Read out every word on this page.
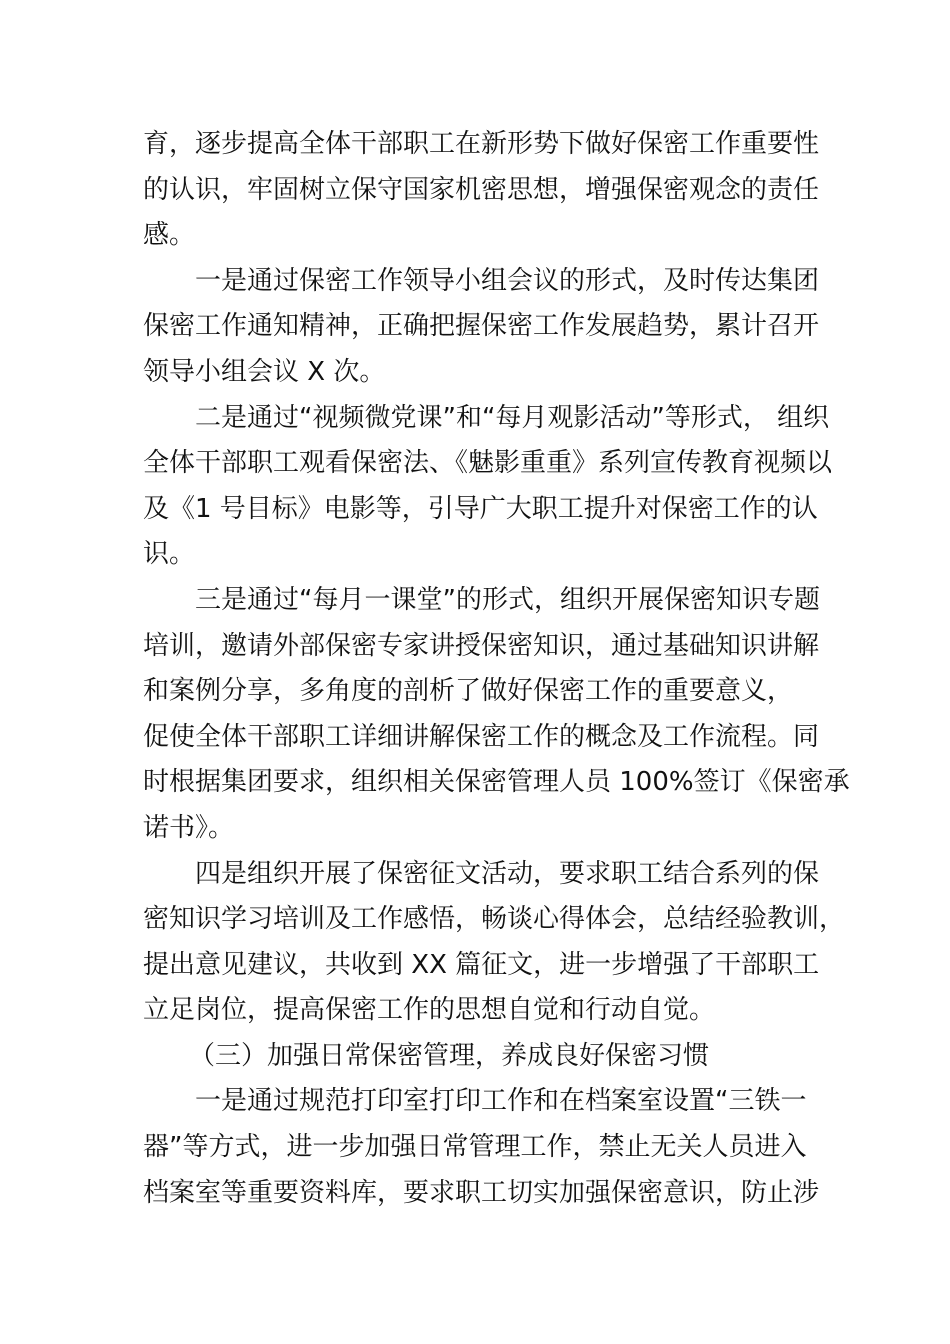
育，逐步提高全体干部职工在新形势下做好保密工作重要性
的认识，牢固树立保守国家机密思想，增强保密观念的责任
感。
一是通过保密工作领导小组会议的形式，及时传达集团
保密工作通知精神，正确把握保密工作发展趋势，累计召开
领导小组会议 X 次。
二是通过“视频微党课”和“每月观影活动”等形式， 组织
全体干部职工观看保密法、《魅影重重》系列宣传教育视频以
及《1 号目标》电影等，引导广大职工提升对保密工作的认
识。
三是通过“每月一课堂”的形式，组织开展保密知识专题
培训，邀请外部保密专家讲授保密知识，通过基础知识讲解
和案例分享，多角度的剖析了做好保密工作的重要意义，
促使全体干部职工详细讲解保密工作的概念及工作流程。同
时根据集团要求，组织相关保密管理人员 100%签订《保密承
诺书》。
四是组织开展了保密征文活动，要求职工结合系列的保
密知识学习培训及工作感悟，畅谈心得体会，总结经验教训，
提出意见建议，共收到 XX 篇征文，进一步增强了干部职工
立足岗位，提高保密工作的思想自觉和行动自觉。
（三）加强日常保密管理，养成良好保密习惯
一是通过规范打印室打印工作和在档案室设置“三铁一
器”等方式，进一步加强日常管理工作，禁止无关人员进入
档案室等重要资料库，要求职工切实加强保密意识，防止涉
